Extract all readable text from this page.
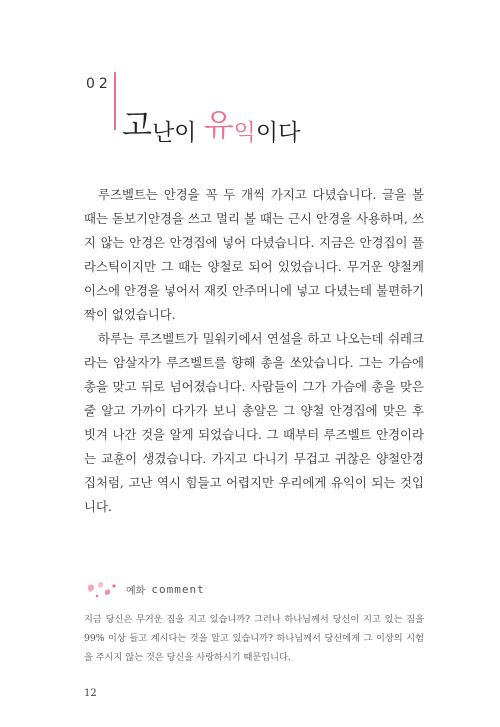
02
고난이 유익이다

루즈벨트는 안경을 꼭 두 개씩 가지고 다녔습니다. 글을 볼 때는 돋보기안경을 쓰고 멀리 볼 때는 근시 안경을 사용하며, 쓰지 않는 안경은 안경집에 넣어 다녔습니다. 지금은 안경집이 플라스틱이지만 그 때는 양철로 되어 있었습니다. 무거운 양철케이스에 안경을 넣어서 재킷 안주머니에 넣고 다녔는데 불편하기 짝이 없었습니다.

하루는 루즈벨트가 밀워키에서 연설을 하고 나오는데 쉬레크라는 암살자가 루즈벨트를 향해 총을 쏘았습니다. 그는 가슴에 총을 맞고 뒤로 넘어졌습니다. 사람들이 그가 가슴에 총을 맞은 줄 알고 가까이 다가가 보니 총알은 그 양철 안경집에 맞은 후 빗겨 나간 것을 알게 되었습니다. 그 때부터 루즈벨트 안경이라는 교훈이 생겼습니다. 가지고 다니기 무겁고 귀찮은 양철안경집처럼, 고난 역시 힘들고 어렵지만 우리에게 유익이 되는 것입니다.

예화 comment
지금 당신은 무거운 짐을 지고 있습니까? 그러나 하나님께서 당신이 지고 있는 짐을 99% 이상 들고 계시다는 것을 알고 있습니까? 하나님께서 당신에게 그 이상의 시험을 주시지 않는 것은 당신을 사랑하시기 때문입니다.
12
